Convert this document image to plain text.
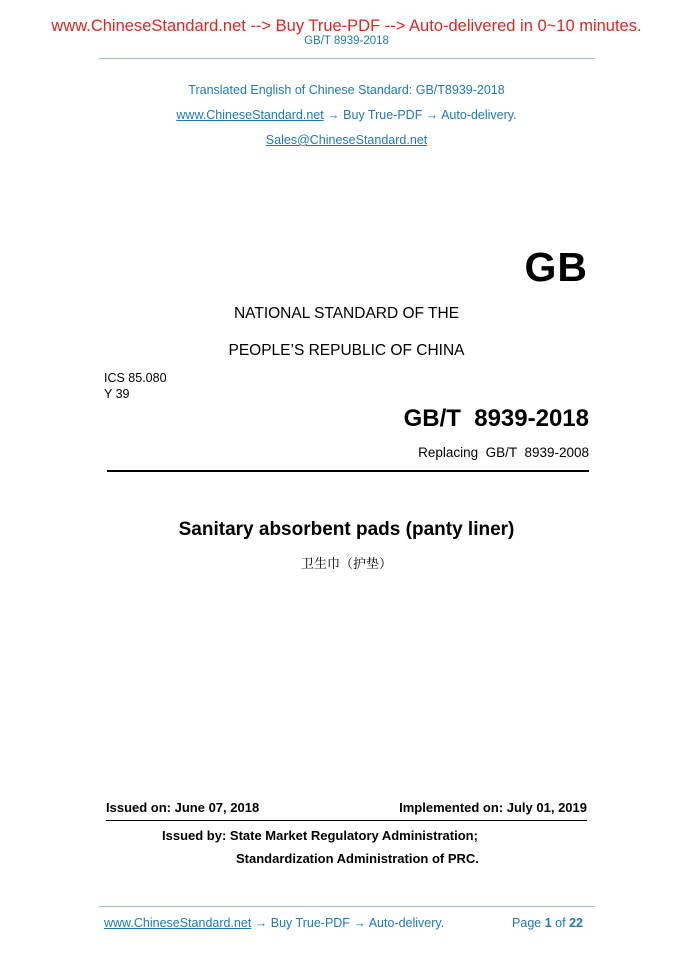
www.ChineseStandard.net --> Buy True-PDF --> Auto-delivered in 0~10 minutes.
GB/T 8939-2018
Translated English of Chinese Standard: GB/T8939-2018
www.ChineseStandard.net → Buy True-PDF → Auto-delivery.
Sales@ChineseStandard.net
GB
NATIONAL STANDARD OF THE
PEOPLE’S REPUBLIC OF CHINA
ICS 85.080
Y 39
GB/T  8939-2018
Replacing  GB/T  8939-2008
Sanitary absorbent pads (panty liner)
卫生巾（护垫）
Issued on: June 07, 2018	Implemented on: July 01, 2019
Issued by: State Market Regulatory Administration;
Standardization Administration of PRC.
www.ChineseStandard.net → Buy True-PDF → Auto-delivery.	Page 1 of 22
